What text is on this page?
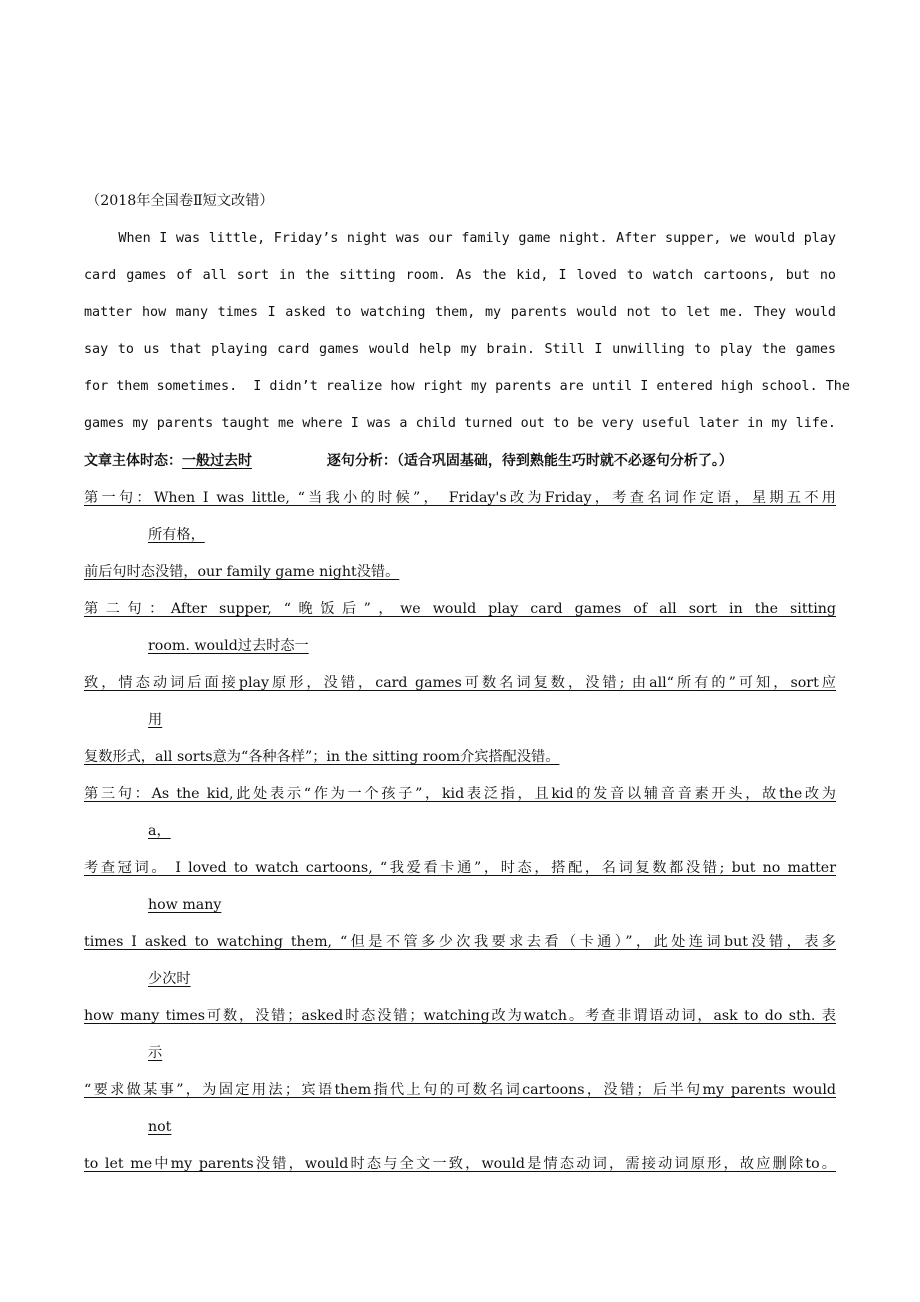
（2018年全国卷Ⅱ短文改错）
When I was little, Friday’s night was our family game night. After supper, we would play
card games of all sort in the sitting room. As the kid, I loved to watch cartoons, but no
matter how many times I asked to watching them, my parents would not to let me. They would
say to us that playing card games would help my brain. Still I unwilling to play the games
for them sometimes.  I didn’t realize how right my parents are until I entered high school. The
games my parents taught me where I was a child turned out to be very useful later in my life.
文章主体时态：一般过去时	逐句分析：（适合巩固基础，待到熟能生巧时就不必逐句分析了。）
第一句：When I was little, “当我小的时候”， Friday's改为Friday，考查名词作定语，星期五不用
所有格，
前后句时态没错，our family game night没错。
第二句：After supper, “晚饭后”，we would play card games of all sort in the sitting
room. would过去时态一
致，情态动词后面接play原形，没错，card games可数名词复数，没错; 由all“所有的”可知，sort应
用
复数形式，all sorts意为“各种各样”；in the sitting room介宾搭配没错。
第三句：As the kid,此处表示“作为一个孩子”，kid表泛指，且kid的发音以辅音音素开头，故the改为
a，
考查冠词。 I loved to watch cartoons, “我爱看卡通”，时态，搭配，名词复数都没错; but no matter
how many
times I asked to watching them, “但是不管多少次我要求去看（卡通）”，此处连词but没错，表多
少次时
how many times可数，没错；asked时态没错；watching改为watch。考查非谓语动词，ask to do sth. 表
示
“要求做某事”，为固定用法；宾语them指代上句的可数名词cartoons，没错；后半句my parents would
not
to let me中my parents没错，would时态与全文一致，would是情态动词，需接动词原形，故应删除to。
